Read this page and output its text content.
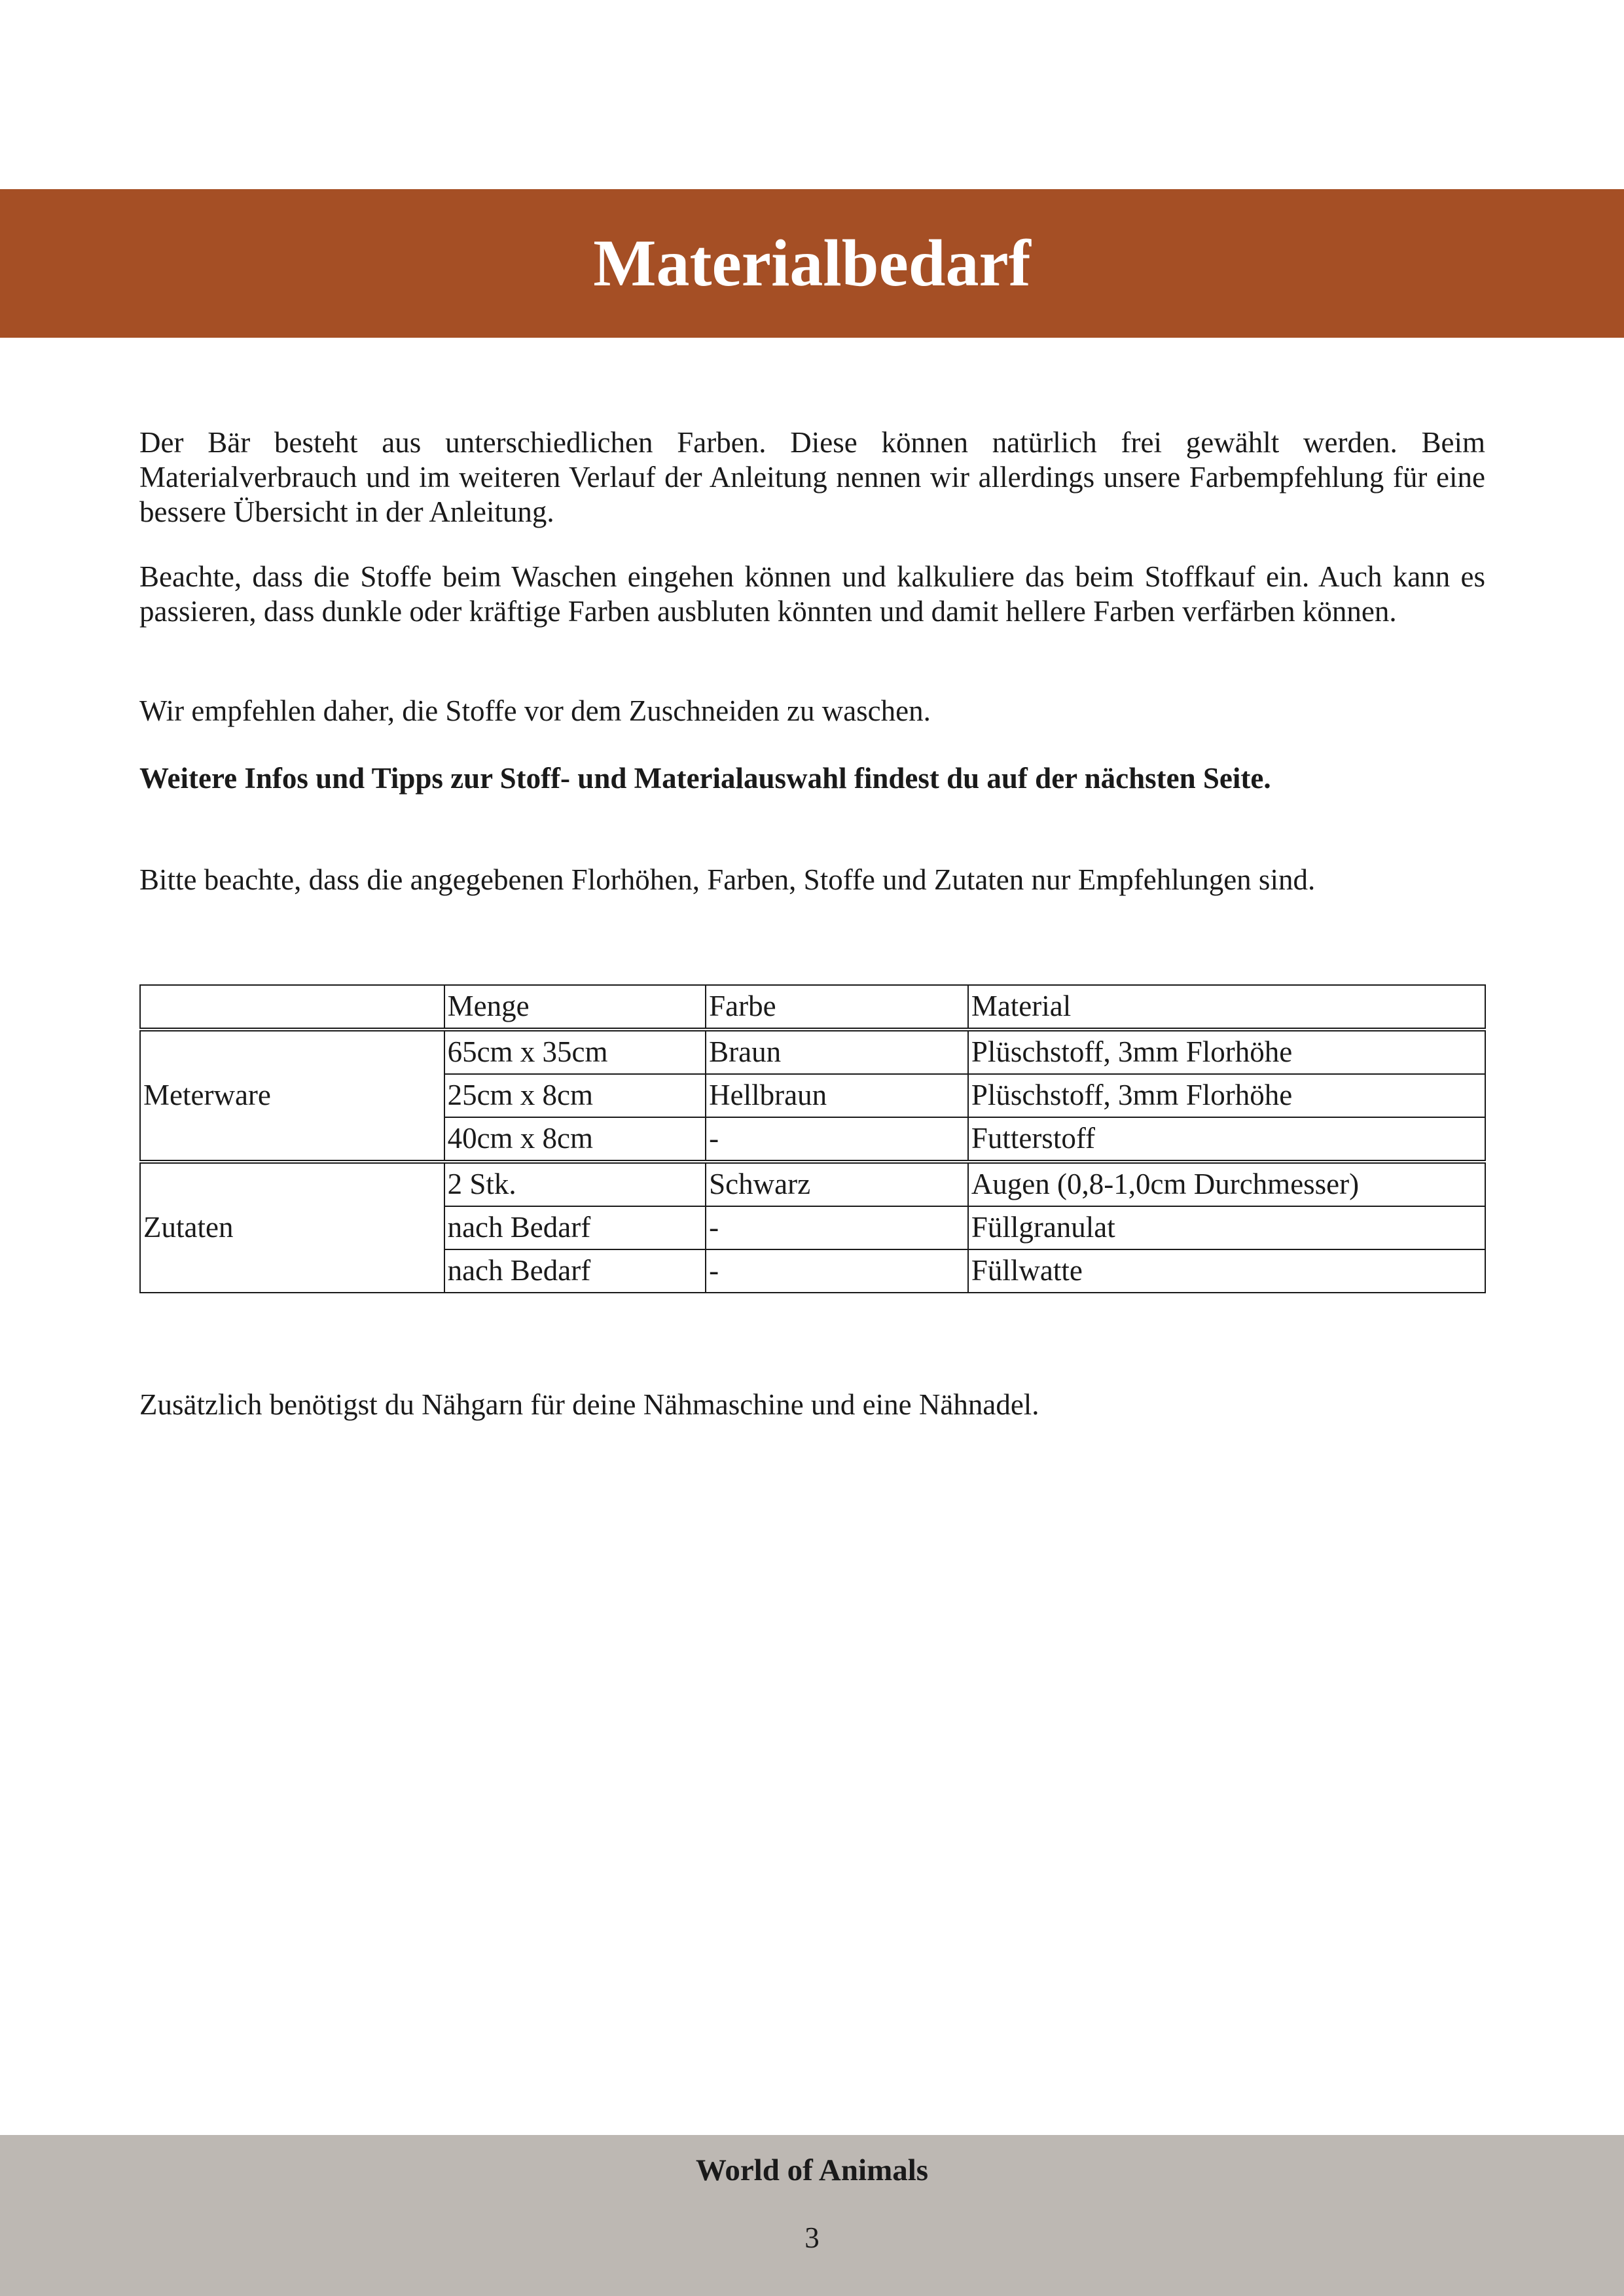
Materialbedarf

Der Bär besteht aus unterschiedlichen Farben. Diese können natürlich frei gewählt werden. Beim Materialverbrauch und im weiteren Verlauf der Anleitung nennen wir allerdings unsere Farbempfehlung für eine bessere Übersicht in der Anleitung.

Beachte, dass die Stoffe beim Waschen eingehen können und kalkuliere das beim Stoffkauf ein. Auch kann es passieren, dass dunkle oder kräftige Farben ausbluten könnten und damit hellere Farben verfärben können.

Wir empfehlen daher, die Stoffe vor dem Zuschneiden zu waschen.

Weitere Infos und Tipps zur Stoff- und Materialauswahl findest du auf der nächsten Seite.

Bitte beachte, dass die angegebenen Florhöhen, Farben, Stoffe und Zutaten nur Empfehlungen sind.

	Menge	Farbe	Material
Meterware	65cm x 35cm	Braun	Plüschstoff, 3mm Florhöhe
	25cm x 8cm	Hellbraun	Plüschstoff, 3mm Florhöhe
	40cm x 8cm	-	Futterstoff
Zutaten	2 Stk.	Schwarz	Augen (0,8-1,0cm Durchmesser)
	nach Bedarf	-	Füllgranulat
	nach Bedarf	-	Füllwatte

Zusätzlich benötigst du Nähgarn für deine Nähmaschine und eine Nähnadel.

World of Animals
3
